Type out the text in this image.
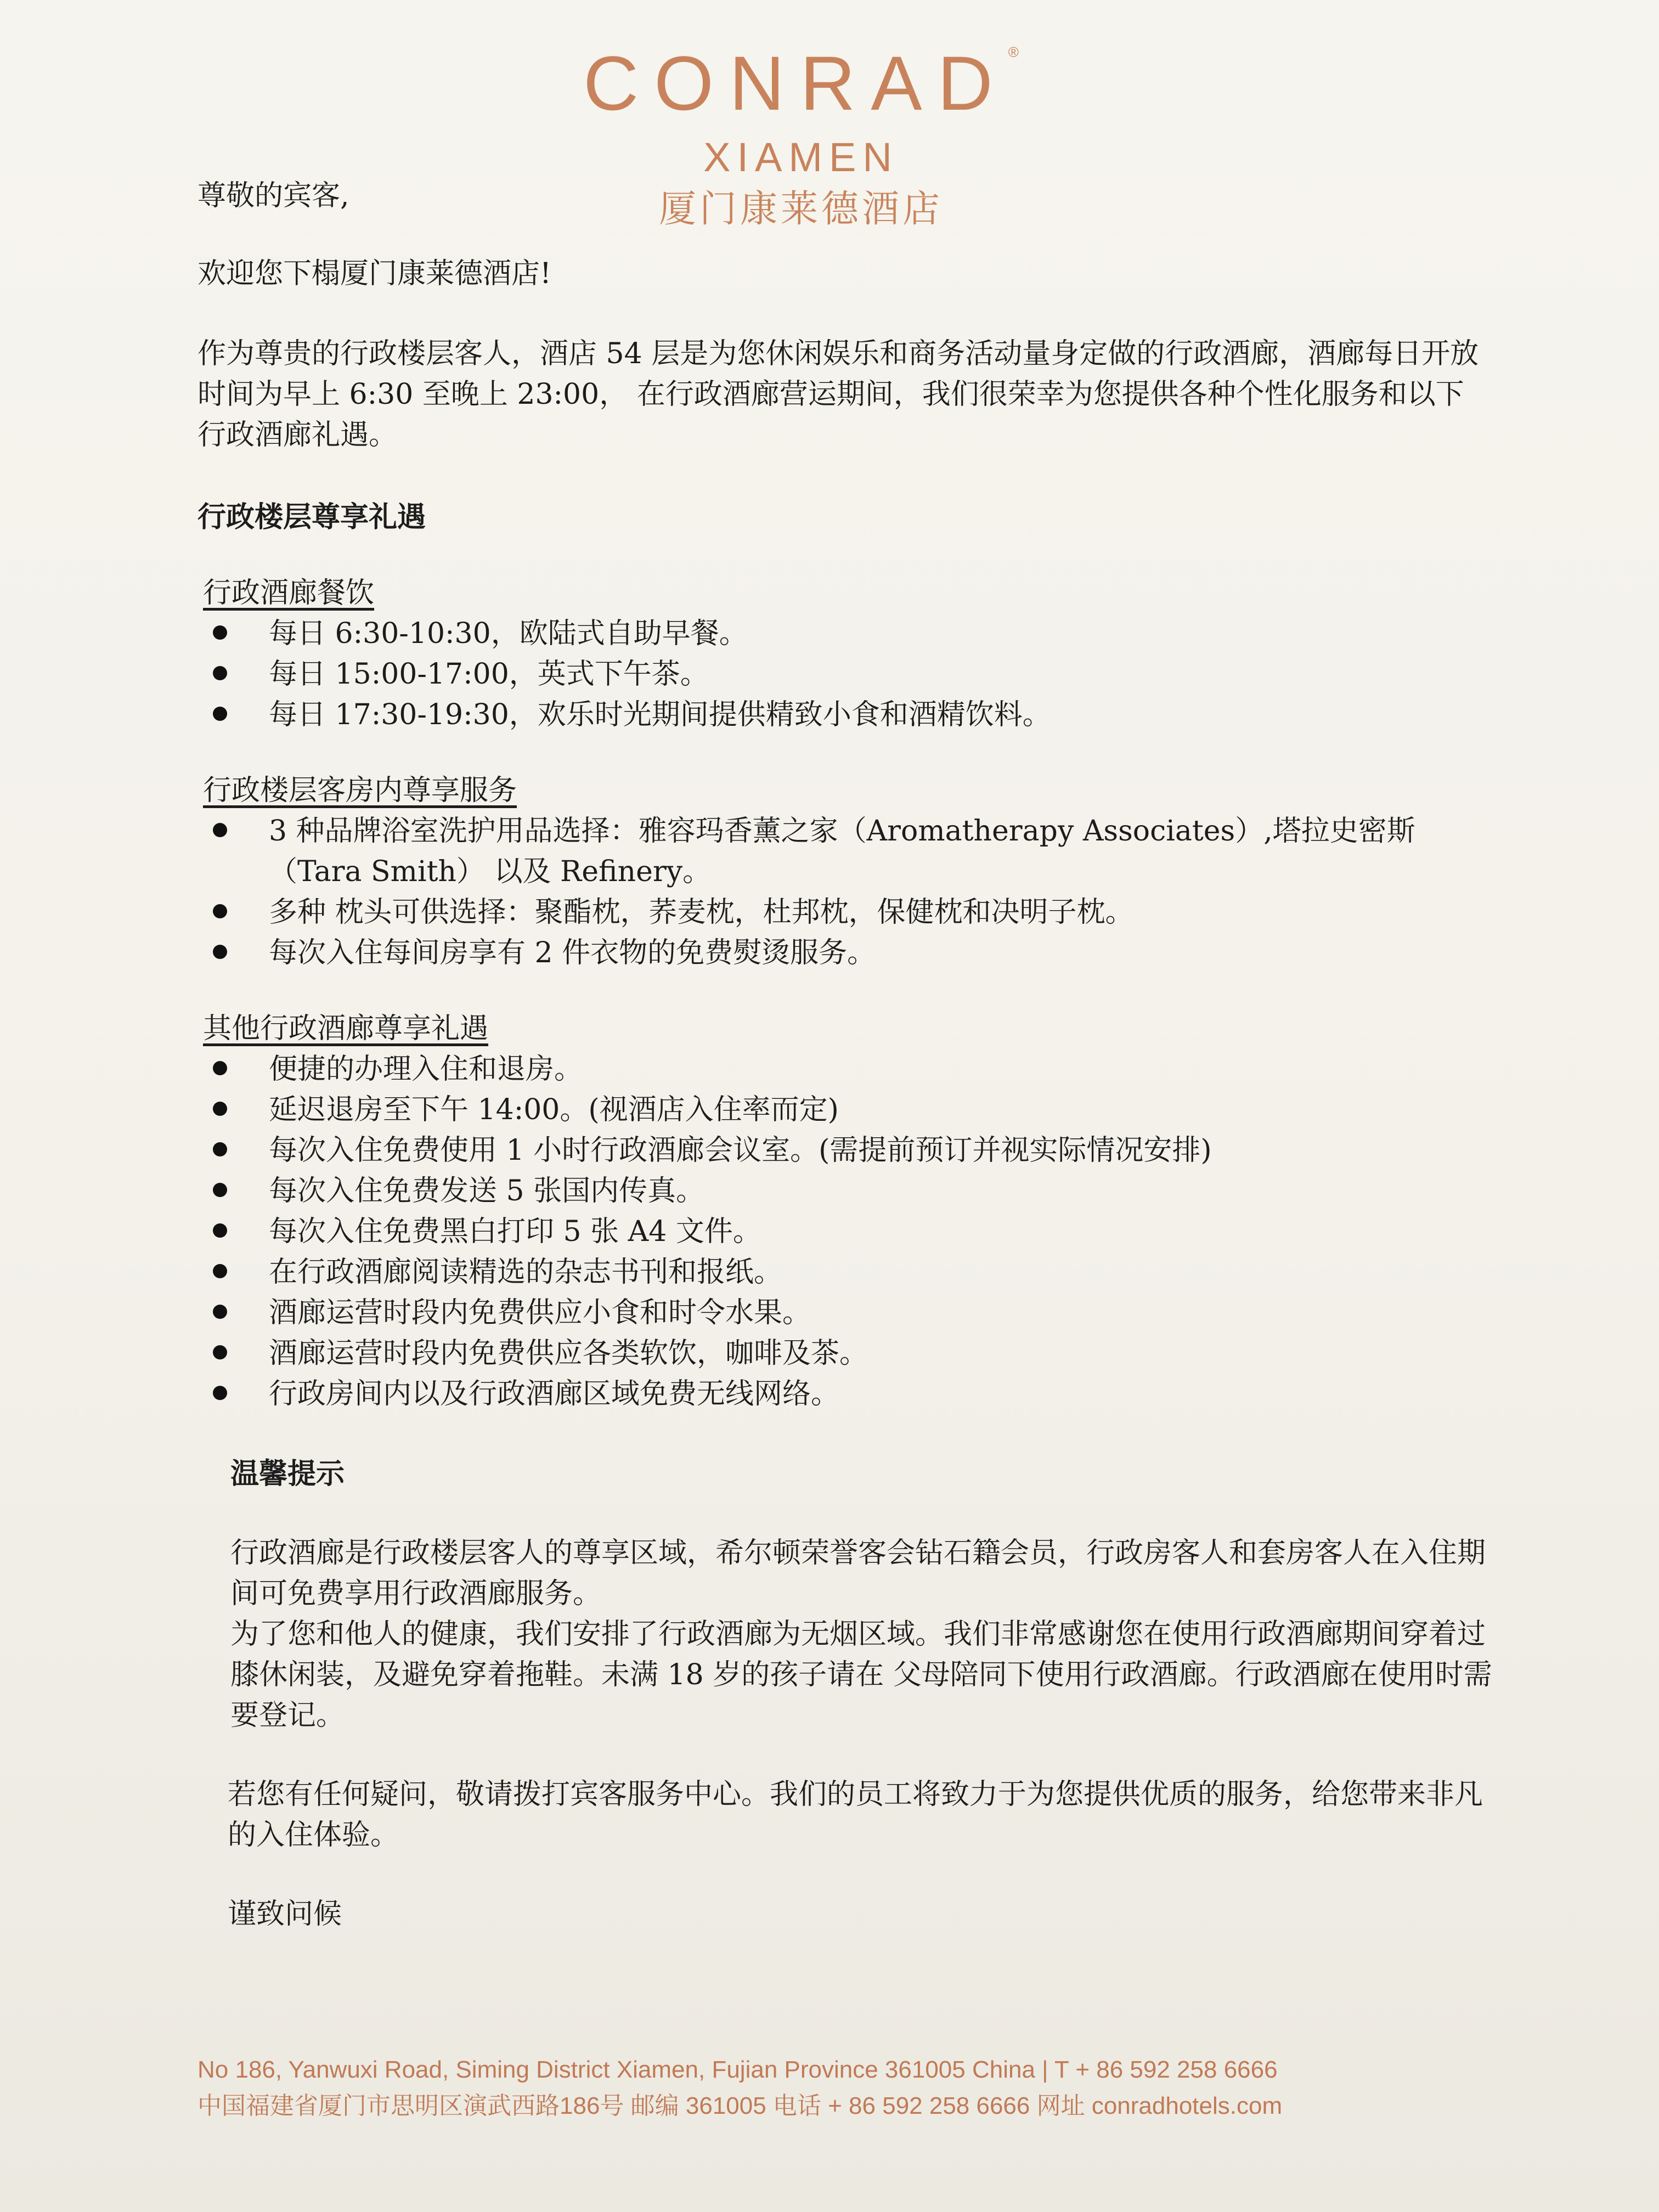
CONRAD®
XIAMEN
厦门康莱德酒店

尊敬的宾客,

欢迎您下榻厦门康莱德酒店!

作为尊贵的行政楼层客人，酒店 54 层是为您休闲娱乐和商务活动量身定做的行政酒廊，酒廊每日开放时间为早上 6:30 至晚上 23:00， 在行政酒廊营运期间，我们很荣幸为您提供各种个性化服务和以下行政酒廊礼遇。

行政楼层尊享礼遇

行政酒廊餐饮

每日 6:30-10:30，欧陆式自助早餐。
每日 15:00-17:00，英式下午茶。
每日 17:30-19:30，欢乐时光期间提供精致小食和酒精饮料。

行政楼层客房内尊享服务

3 种品牌浴室洗护用品选择：雅容玛香薰之家（Aromatherapy Associates）,塔拉史密斯（Tara Smith） 以及 Refinery。
多种 枕头可供选择：聚酯枕，荞麦枕，杜邦枕，保健枕和决明子枕。
每次入住每间房享有 2 件衣物的免费熨烫服务。

其他行政酒廊尊享礼遇

便捷的办理入住和退房。
延迟退房至下午 14:00。(视酒店入住率而定)
每次入住免费使用 1 小时行政酒廊会议室。(需提前预订并视实际情况安排)
每次入住免费发送 5 张国内传真。
每次入住免费黑白打印 5 张 A4 文件。
在行政酒廊阅读精选的杂志书刊和报纸。
酒廊运营时段内免费供应小食和时令水果。
酒廊运营时段内免费供应各类软饮，咖啡及茶。
行政房间内以及行政酒廊区域免费无线网络。

温馨提示

行政酒廊是行政楼层客人的尊享区域，希尔顿荣誉客会钻石籍会员，行政房客人和套房客人在入住期间可免费享用行政酒廊服务。

为了您和他人的健康，我们安排了行政酒廊为无烟区域。我们非常感谢您在使用行政酒廊期间穿着过膝休闲装，及避免穿着拖鞋。未满 18 岁的孩子请在 父母陪同下使用行政酒廊。行政酒廊在使用时需要登记。

若您有任何疑问，敬请拨打宾客服务中心。我们的员工将致力于为您提供优质的服务，给您带来非凡的入住体验。

谨致问候

No 186, Yanwuxi Road, Siming District Xiamen, Fujian Province 361005 China | T + 86 592 258 6666

中国福建省厦门市思明区演武西路186号 邮编 361005 电话 + 86 592 258 6666 网址 conradhotels.com
